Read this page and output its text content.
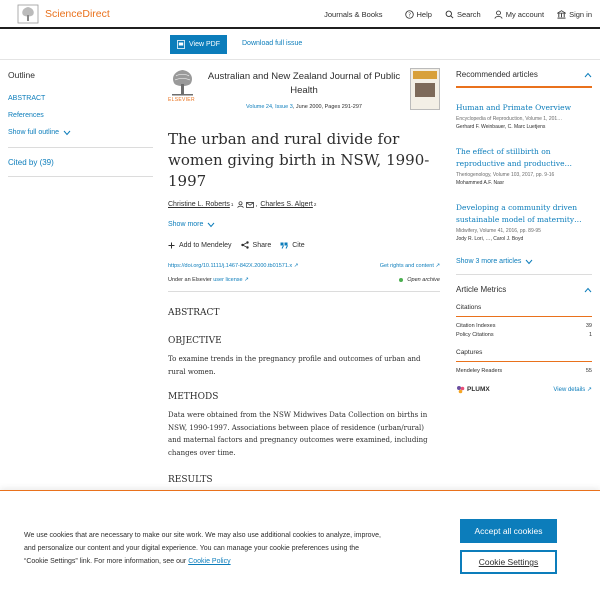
ScienceDirect	Journals & Books	? Help	Search	My account	Sign in
View PDF	Download full issue
Outline
ABSTRACT
References
Show full outline
Cited by (39)
ELSEVIER
Australian and New Zealand Journal of Public Health
Volume 24, Issue 3, June 2000, Pages 291-297
The urban and rural divide for women giving birth in NSW, 1990-1997
Christine L. Roberts 1	, Charles S. Algert 2
Show more
Add to Mendeley	Share	Cite
https://doi.org/10.1111/j.1467-842X.2000.tb01571.x ↗	Get rights and content ↗
Under an Elsevier user license ↗	Open archive
ABSTRACT
OBJECTIVE

To examine trends in the pregnancy profile and outcomes of urban and rural women.

METHODS

Data were obtained from the NSW Midwives Data Collection on births in NSW, 1990-1997. Associations between place of residence (urban/rural) and maternal factors and pregnancy outcomes were examined, including changes over time.

RESULTS
Recommended articles
Human and Primate Overview
Encyclopedia of Reproduction, Volume 1, 201…
Gerhard F. Weinbauer, C. Marc Luetjens
The effect of stillbirth on reproductive and productive…
Theriogenology, Volume 103, 2017, pp. 9-16
Mohammed A.F. Nasr
Developing a community driven sustainable model of maternity…
Midwifery, Volume 41, 2016, pp. 89-95
Jody R. Lori, …, Carol J. Boyd
Show 3 more articles
Article Metrics
Citations
Citation Indexes	39
Policy Citations	1
Captures
Mendeley Readers	55
PLUMX	View details ↗

We use cookies that are necessary to make our site work. We may also use additional cookies to analyze, improve, and personalize our content and your digital experience. You can manage your cookie preferences using the “Cookie Settings” link. For more information, see our Cookie Policy

Accept all cookies
Cookie Settings
